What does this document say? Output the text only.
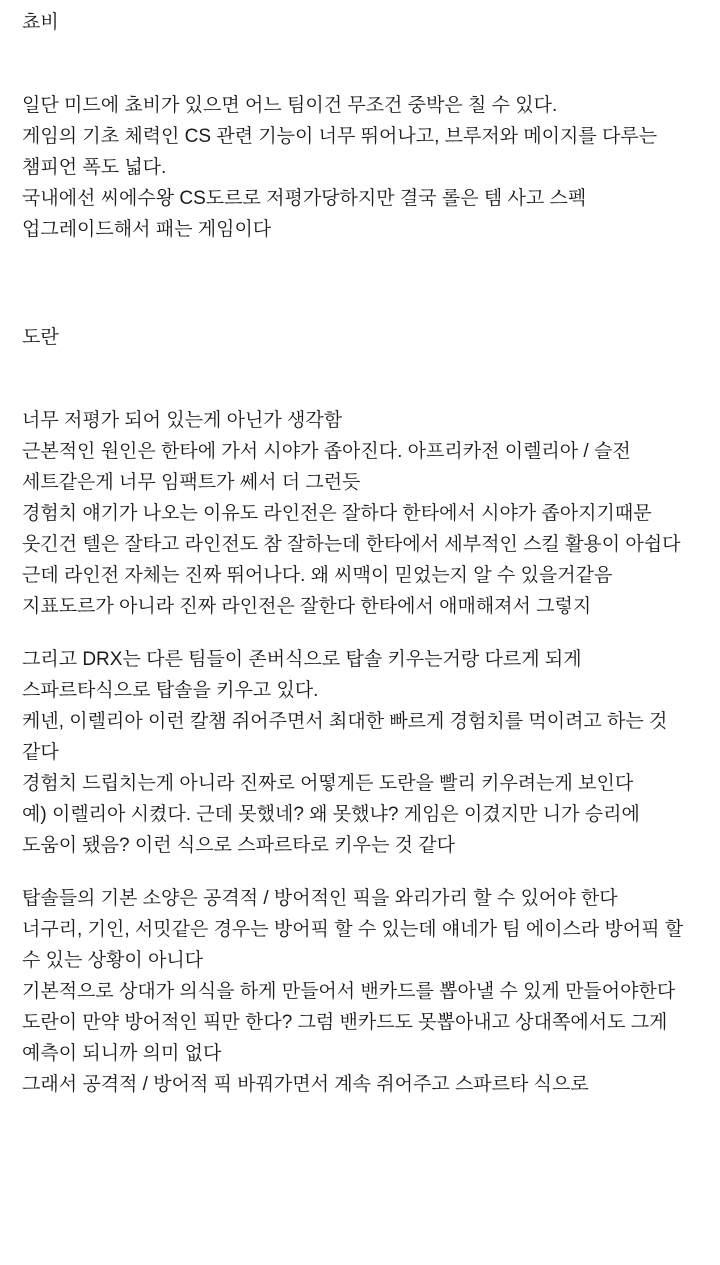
쵸비

일단 미드에 쵸비가 있으면 어느 팀이건 무조건 중박은 칠 수 있다.

게임의 기초 체력인 CS 관련 기능이 너무 뛰어나고, 브루저와 메이지를 다루는 챔피언 폭도 넓다.

국내에선 씨에수왕 CS도르로 저평가당하지만 결국 롤은 템 사고 스펙 업그레이드해서 패는 게임이다

도란

너무 저평가 되어 있는게 아닌가 생각함

근본적인 원인은 한타에 가서 시야가 좁아진다. 아프리카전 이렐리아 / 슬전 세트같은게 너무 임팩트가 쎄서 더 그런듯

경험치 얘기가 나오는 이유도 라인전은 잘하다 한타에서 시야가 좁아지기때문

웃긴건 텔은 잘타고 라인전도 참 잘하는데 한타에서 세부적인 스킬 활용이 아쉽다

근데 라인전 자체는 진짜 뛰어나다. 왜 씨맥이 믿었는지 알 수 있을거같음

지표도르가 아니라 진짜 라인전은 잘한다 한타에서 애매해져서 그렇지

그리고 DRX는 다른 팀들이 존버식으로 탑솔 키우는거랑 다르게 되게 스파르타식으로 탑솔을 키우고 있다.

케넨, 이렐리아 이런 칼챔 쥐어주면서 최대한 빠르게 경험치를 먹이려고 하는 것 같다

경험치 드립치는게 아니라 진짜로 어떻게든 도란을 빨리 키우려는게 보인다

예) 이렐리아 시켰다. 근데 못했네? 왜 못했냐? 게임은 이겼지만 니가 승리에 도움이 됐음? 이런 식으로 스파르타로 키우는 것 같다

탑솔들의 기본 소양은 공격적 / 방어적인 픽을 와리가리 할 수 있어야 한다

너구리, 기인, 서밋같은 경우는 방어픽 할 수 있는데 얘네가 팀 에이스라 방어픽 할 수 있는 상황이 아니다

기본적으로 상대가 의식을 하게 만들어서 밴카드를 뽑아낼 수 있게 만들어야한다

도란이 만약 방어적인 픽만 한다? 그럼 밴카드도 못뽑아내고 상대쪽에서도 그게 예측이 되니까 의미 없다

그래서 공격적 / 방어적 픽 바꿔가면서 계속 쥐어주고 스파르타 식으로
